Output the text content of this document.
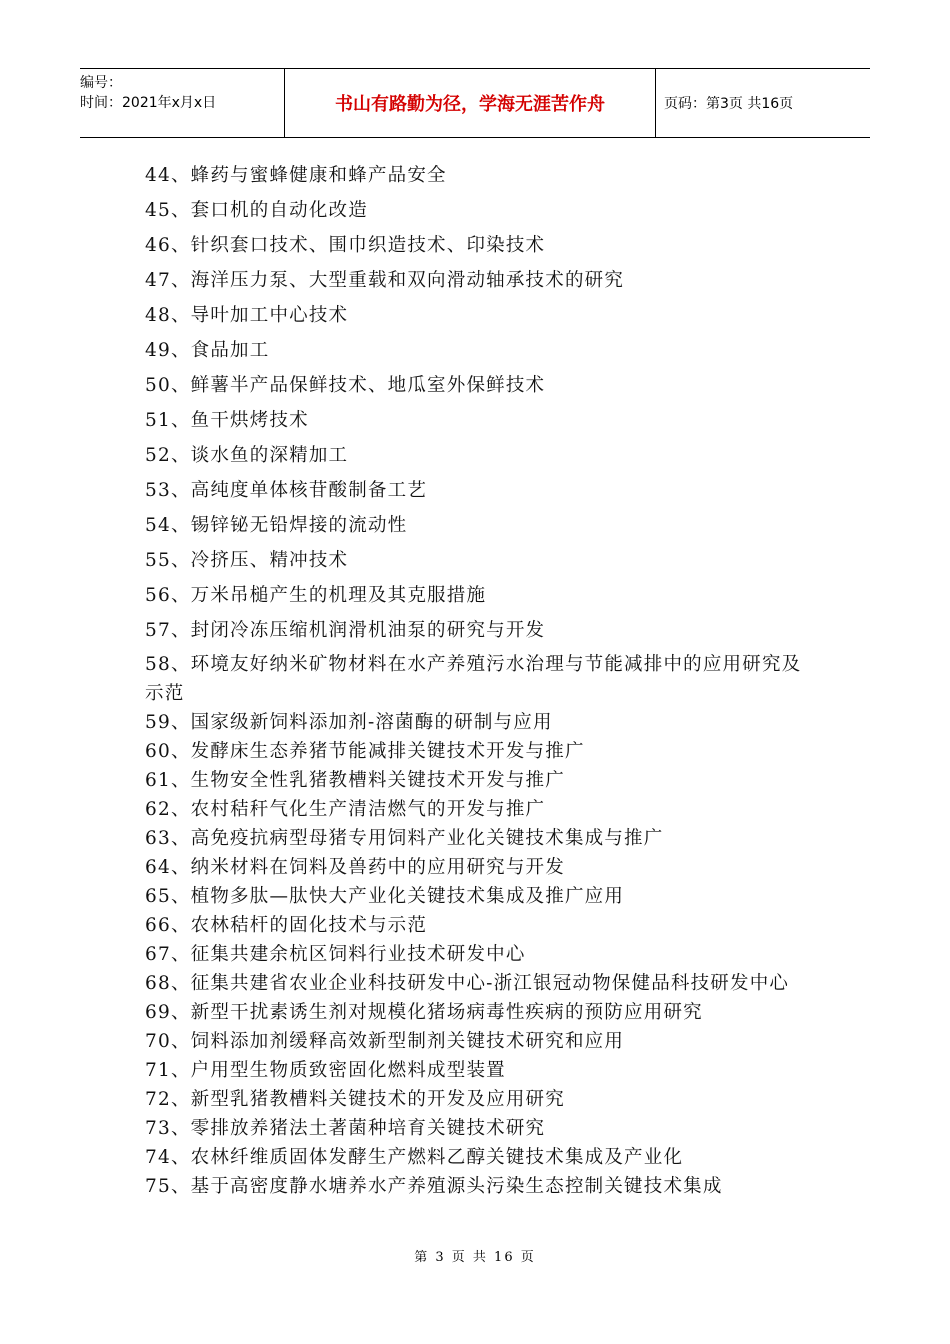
编号：
时间：2021年x月x日	书山有路勤为径，学海无涯苦作舟	页码：第3页 共16页
44、蜂药与蜜蜂健康和蜂产品安全
45、套口机的自动化改造
46、针织套口技术、围巾织造技术、印染技术
47、海洋压力泵、大型重载和双向滑动轴承技术的研究
48、导叶加工中心技术
49、食品加工
50、鲜薯半产品保鲜技术、地瓜室外保鲜技术
51、鱼干烘烤技术
52、谈水鱼的深精加工
53、高纯度单体核苷酸制备工艺
54、锡锌铋无铅焊接的流动性
55、冷挤压、精冲技术
56、万米吊槌产生的机理及其克服措施
57、封闭冷冻压缩机润滑机油泵的研究与开发
58、环境友好纳米矿物材料在水产养殖污水治理与节能减排中的应用研究及示范
59、国家级新饲料添加剂-溶菌酶的研制与应用
60、发酵床生态养猪节能减排关键技术开发与推广
61、生物安全性乳猪教槽料关键技术开发与推广
62、农村秸秆气化生产清洁燃气的开发与推广
63、高免疫抗病型母猪专用饲料产业化关键技术集成与推广
64、纳米材料在饲料及兽药中的应用研究与开发
65、植物多肽—肽快大产业化关键技术集成及推广应用
66、农林秸杆的固化技术与示范
67、征集共建余杭区饲料行业技术研发中心
68、征集共建省农业企业科技研发中心-浙江银冠动物保健品科技研发中心
69、新型干扰素诱生剂对规模化猪场病毒性疾病的预防应用研究
70、饲料添加剂缓释高效新型制剂关键技术研究和应用
71、户用型生物质致密固化燃料成型装置
72、新型乳猪教槽料关键技术的开发及应用研究
73、零排放养猪法土著菌种培育关键技术研究
74、农林纤维质固体发酵生产燃料乙醇关键技术集成及产业化
75、基于高密度静水塘养水产养殖源头污染生态控制关键技术集成
第 3 页 共 16 页
